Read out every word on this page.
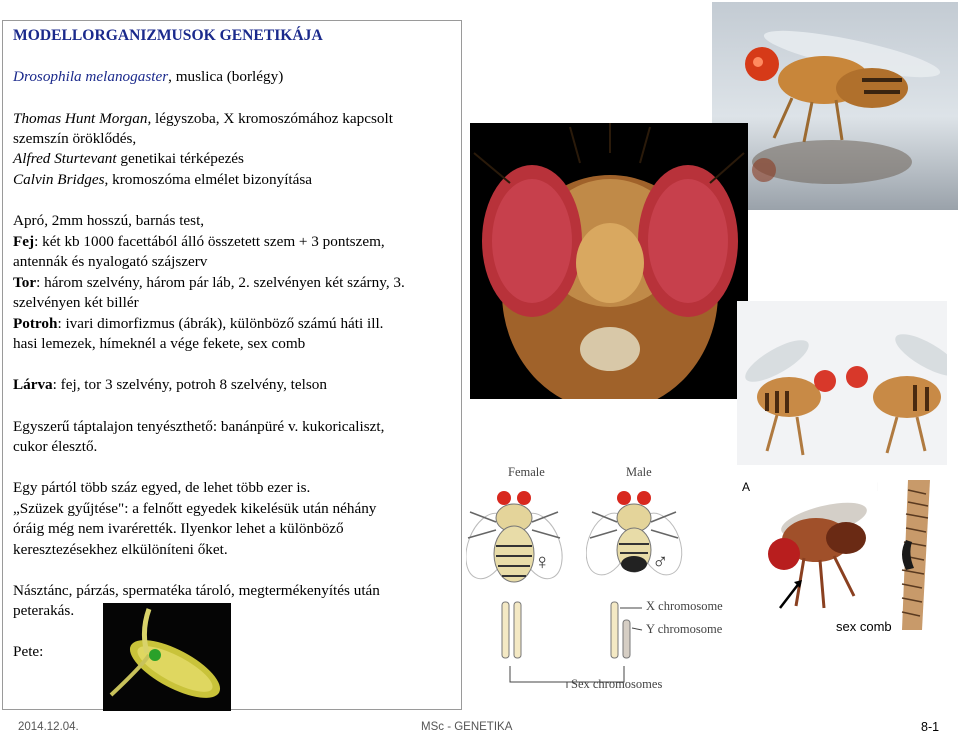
MODELLORGANIZMUSOK GENETIKÁJA
Drosophila melanogaster, muslica (borlégy)
Thomas Hunt Morgan, légyszoba, X kromoszómához kapcsolt
szemszín öröklődés,
Alfred Sturtevant genetikai térképezés
Calvin Bridges, kromoszóma elmélet bizonyítása
Apró, 2mm hosszú, barnás test,
Fej: két kb 1000 facettából álló összetett szem + 3 pontszem,
antennák és nyalogató szájszerv
Tor: három szelvény, három pár láb, 2. szelvényen két szárny, 3.
szelvényen két billér
Potroh: ivari dimorfizmus (ábrák), különböző számú háti ill.
hasi lemezek, hímeknél a vége fekete, sex comb
Lárva: fej, tor 3 szelvény, potroh 8 szelvény, telson
Egyszerű táptalajon tenyészthető: banánpüré v. kukoricaliszt,
cukor élesztő.
Egy pártól több száz egyed, de lehet több ezer is.
„Szüzek gyűjtése": a felnőtt egyedek kikelésük után néhány
óráig még nem ivarérették. Ilyenkor lehet a különböző
keresztezésekhez elkülöníteni őket.
Násztánc, párzás, spermatéka tároló, megtermékenyítés után
peterakás.
Pete:
Female	Male
♀	♂
X chromosome
Y chromosome
Sex chromosomes
A
sex comb
2014.12.04.	MSc - GENETIKA	8-1
